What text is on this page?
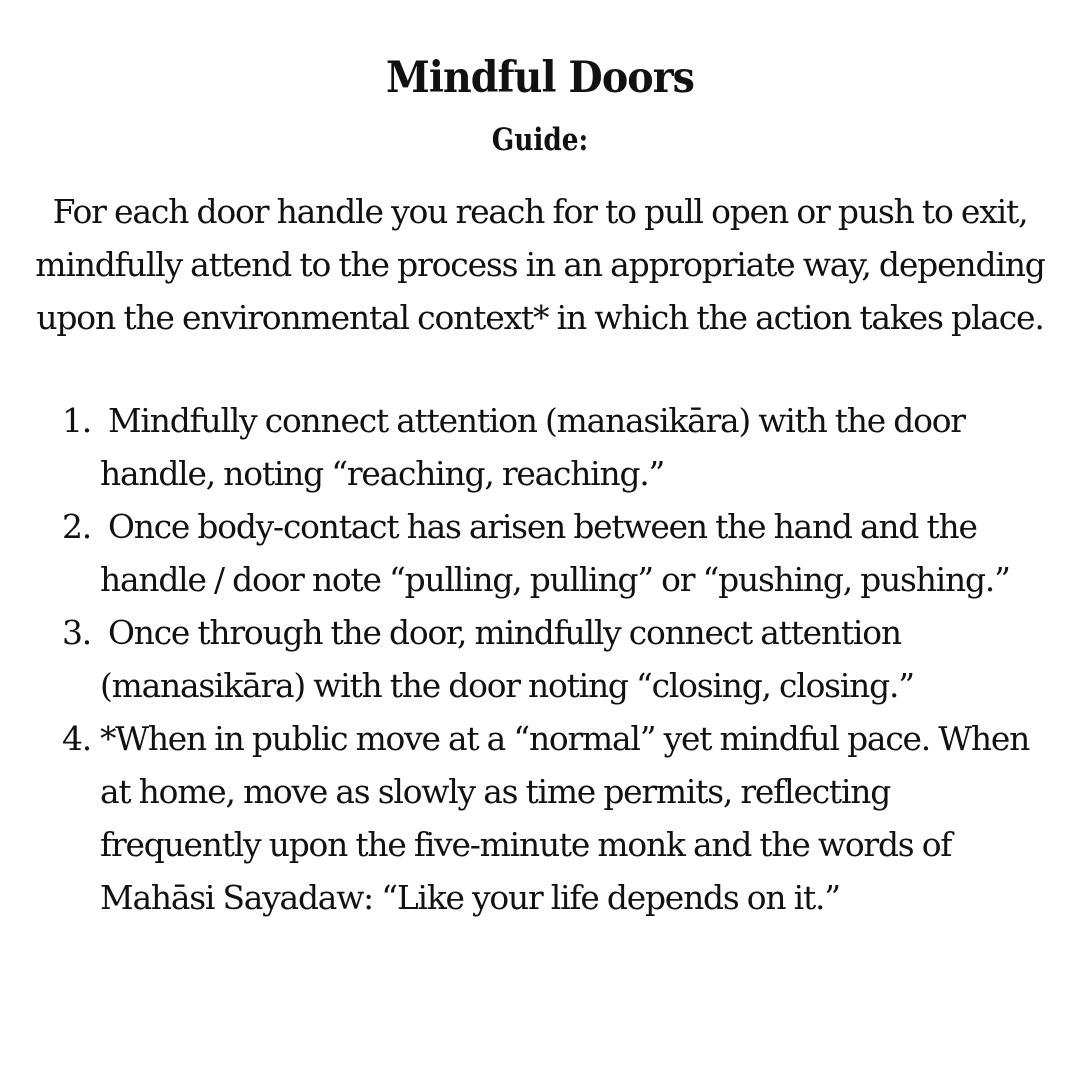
Mindful Doors
Guide:
For each door handle you reach for to pull open or push to exit,
mindfully attend to the process in an appropriate way, depending
upon the environmental context* in which the action takes place.
1. Mindfully connect attention (manasikāra) with the door
handle, noting “reaching, reaching.”
2. Once body-contact has arisen between the hand and the
handle / door note “pulling, pulling” or “pushing, pushing.”
3. Once through the door, mindfully connect attention
(manasikāra) with the door noting “closing, closing.”
4. *When in public move at a “normal” yet mindful pace. When
at home, move as slowly as time permits, reflecting
frequently upon the five-minute monk and the words of
Mahāsi Sayadaw: “Like your life depends on it.”
